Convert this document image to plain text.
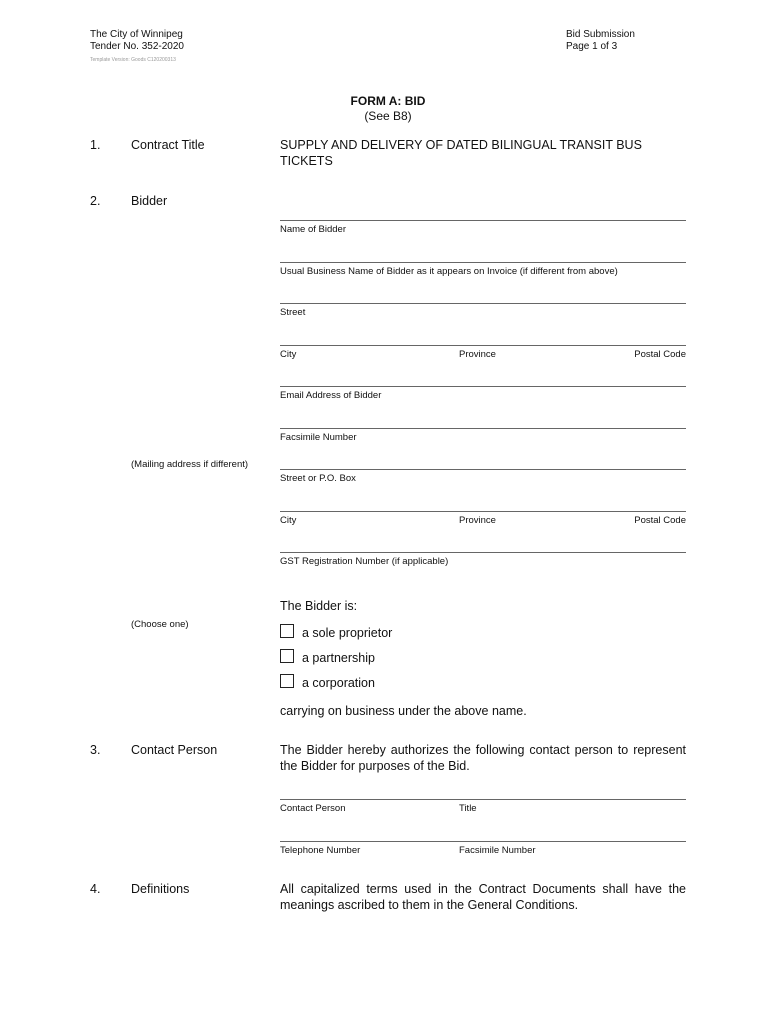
The City of Winnipeg
Tender No. 352-2020
Template Version: Goods C120200313
Bid Submission
Page 1 of 3
FORM A: BID
(See B8)
1. Contract Title	SUPPLY AND DELIVERY OF DATED BILINGUAL TRANSIT BUS
TICKETS
2. Bidder
Name of Bidder
Usual Business Name of Bidder as it appears on Invoice (if different from above)
Street
City	Province	Postal Code
Email Address of Bidder
Facsimile Number
(Mailing address if different)
Street or P.O. Box
City	Province	Postal Code
GST Registration Number (if applicable)
The Bidder is:
(Choose one)
a sole proprietor
a partnership
a corporation
carrying on business under the above name.
3. Contact Person	The Bidder hereby authorizes the following contact person to represent
the Bidder for purposes of the Bid.
Contact Person	Title
Telephone Number	Facsimile Number
4. Definitions	All capitalized terms used in the Contract Documents shall have the
meanings ascribed to them in the General Conditions.
